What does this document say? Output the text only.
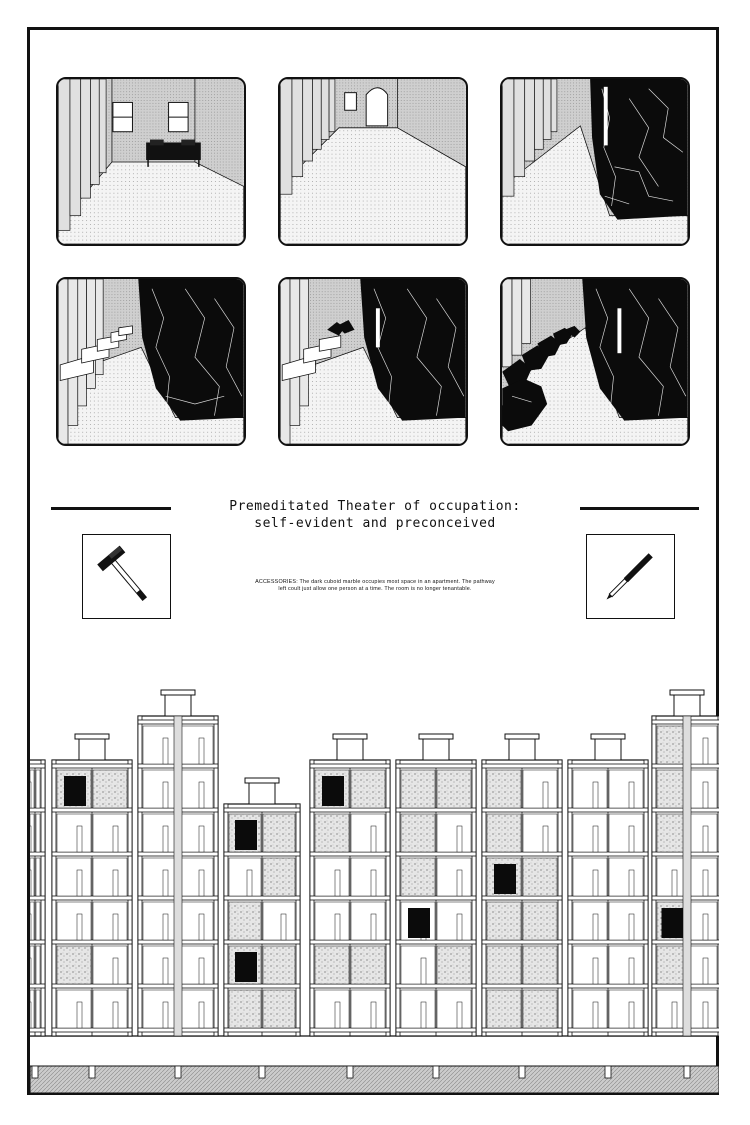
Premeditated Theater of occupation:
self-evident and preconceived
ACCESSORIES: The dark cuboid marble occupies most space in an apartment. The pathway
left coult just allow one person at a time. The room is no longer tenantable.
